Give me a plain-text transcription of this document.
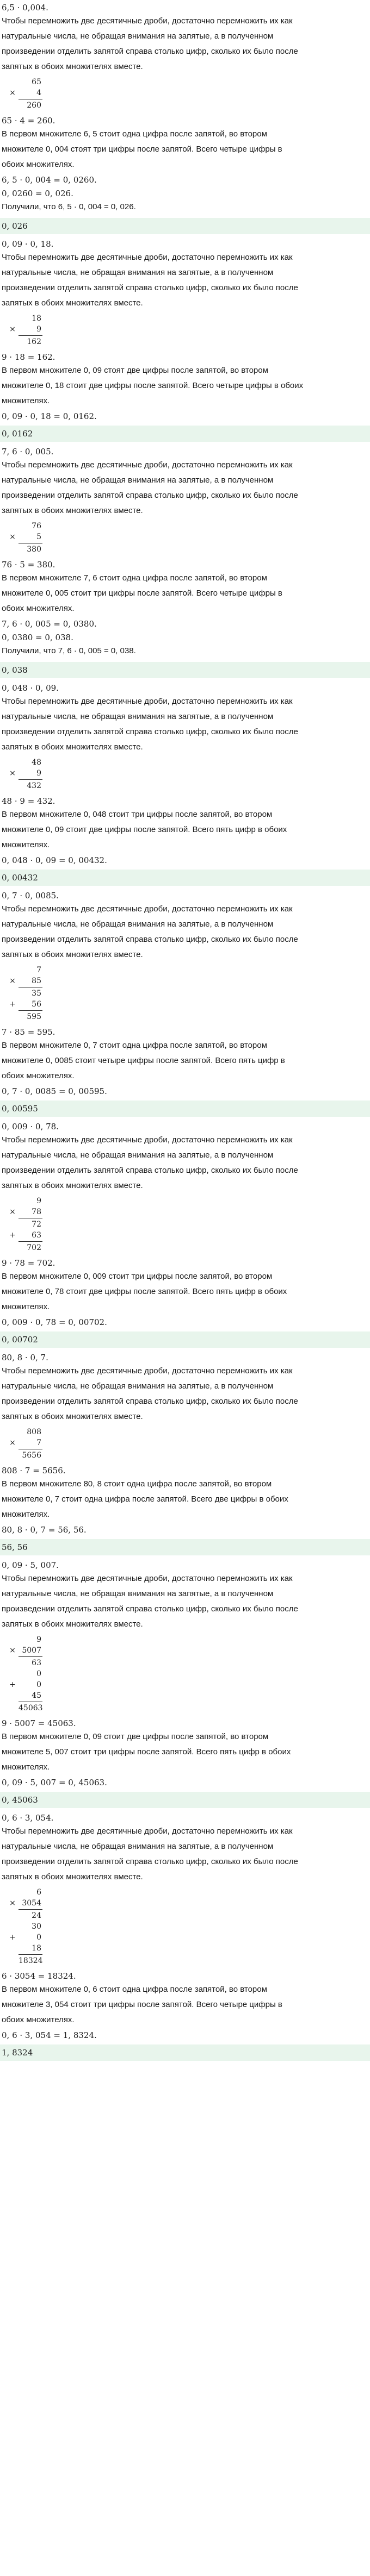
6,5 · 0,004.
Чтобы перемножить две десятичные дроби, достаточно перемножить их как
натуральные числа, не обращая внимания на запятые, а в полученном
произведении отделить запятой справа столько цифр, сколько их было после
запятых в обоих множителях вместе.
65
×	4
260
65 · 4 = 260.
В первом множителе 6, 5 стоит одна цифра после запятой, во втором
множителе 0, 004 стоят три цифры после запятой. Всего четыре цифры в
обоих множителях.
6, 5 · 0, 004 = 0, 0260.
0, 0260 = 0, 026.
Получили, что 6, 5 · 0, 004 = 0, 026.
0, 026
0, 09 · 0, 18.
Чтобы перемножить две десятичные дроби, достаточно перемножить их как
натуральные числа, не обращая внимания на запятые, а в полученном
произведении отделить запятой справа столько цифр, сколько их было после
запятых в обоих множителях вместе.
18
×	9
162
9 · 18 = 162.
В первом множителе 0, 09 стоят две цифры после запятой, во втором
множителе 0, 18 стоит две цифры после запятой. Всего четыре цифры в обоих
множителях.
0, 09 · 0, 18 = 0, 0162.
0, 0162
7, 6 · 0, 005.
Чтобы перемножить две десятичные дроби, достаточно перемножить их как
натуральные числа, не обращая внимания на запятые, а в полученном
произведении отделить запятой справа столько цифр, сколько их было после
запятых в обоих множителях вместе.
76
×	5
380
76 · 5 = 380.
В первом множителе 7, 6 стоит одна цифра после запятой, во втором
множителе 0, 005 стоит три цифры после запятой. Всего четыре цифры в
обоих множителях.
7, 6 · 0, 005 = 0, 0380.
0, 0380 = 0, 038.
Получили, что 7, 6 · 0, 005 = 0, 038.
0, 038
0, 048 · 0, 09.
Чтобы перемножить две десятичные дроби, достаточно перемножить их как
натуральные числа, не обращая внимания на запятые, а в полученном
произведении отделить запятой справа столько цифр, сколько их было после
запятых в обоих множителях вместе.
48
×	9
432
48 · 9 = 432.
В первом множителе 0, 048 стоит три цифры после запятой, во втором
множителе 0, 09 стоит две цифры после запятой. Всего пять цифр в обоих
множителях.
0, 048 · 0, 09 = 0, 00432.
0, 00432
0, 7 · 0, 0085.
Чтобы перемножить две десятичные дроби, достаточно перемножить их как
натуральные числа, не обращая внимания на запятые, а в полученном
произведении отделить запятой справа столько цифр, сколько их было после
запятых в обоих множителях вместе.
7
×	85
35
+	56
595
7 · 85 = 595.
В первом множителе 0, 7 стоит одна цифра после запятой, во втором
множителе 0, 0085 стоит четыре цифры после запятой. Всего пять цифр в
обоих множителях.
0, 7 · 0, 0085 = 0, 00595.
0, 00595
0, 009 · 0, 78.
Чтобы перемножить две десятичные дроби, достаточно перемножить их как
натуральные числа, не обращая внимания на запятые, а в полученном
произведении отделить запятой справа столько цифр, сколько их было после
запятых в обоих множителях вместе.
9
×	78
72
+	63
702
9 · 78 = 702.
В первом множителе 0, 009 стоит три цифры после запятой, во втором
множителе 0, 78 стоит две цифры после запятой. Всего пять цифр в обоих
множителях.
0, 009 · 0, 78 = 0, 00702.
0, 00702
80, 8 · 0, 7.
Чтобы перемножить две десятичные дроби, достаточно перемножить их как
натуральные числа, не обращая внимания на запятые, а в полученном
произведении отделить запятой справа столько цифр, сколько их было после
запятых в обоих множителях вместе.
808
×	7
5656
808 · 7 = 5656.
В первом множителе 80, 8 стоит одна цифра после запятой, во втором
множителе 0, 7 стоит одна цифра после запятой. Всего две цифры в обоих
множителях.
80, 8 · 0, 7 = 56, 56.
56, 56
0, 09 · 5, 007.
Чтобы перемножить две десятичные дроби, достаточно перемножить их как
натуральные числа, не обращая внимания на запятые, а в полученном
произведении отделить запятой справа столько цифр, сколько их было после
запятых в обоих множителях вместе.
9
× 5007
63
0
+	0
45
45063
9 · 5007 = 45063.
В первом множителе 0, 09 стоит две цифры после запятой, во втором
множителе 5, 007 стоит три цифры после запятой. Всего пять цифр в обоих
множителях.
0, 09 · 5, 007 = 0, 45063.
0, 45063
0, 6 · 3, 054.
Чтобы перемножить две десятичные дроби, достаточно перемножить их как
натуральные числа, не обращая внимания на запятые, а в полученном
произведении отделить запятой справа столько цифр, сколько их было после
запятых в обоих множителях вместе.
6
× 3054
24
30
+	0
18
18324
6 · 3054 = 18324.
В первом множителе 0, 6 стоит одна цифра после запятой, во втором
множителе 3, 054 стоит три цифры после запятой. Всего четыре цифры в
обоих множителях.
0, 6 · 3, 054 = 1, 8324.
1, 8324
